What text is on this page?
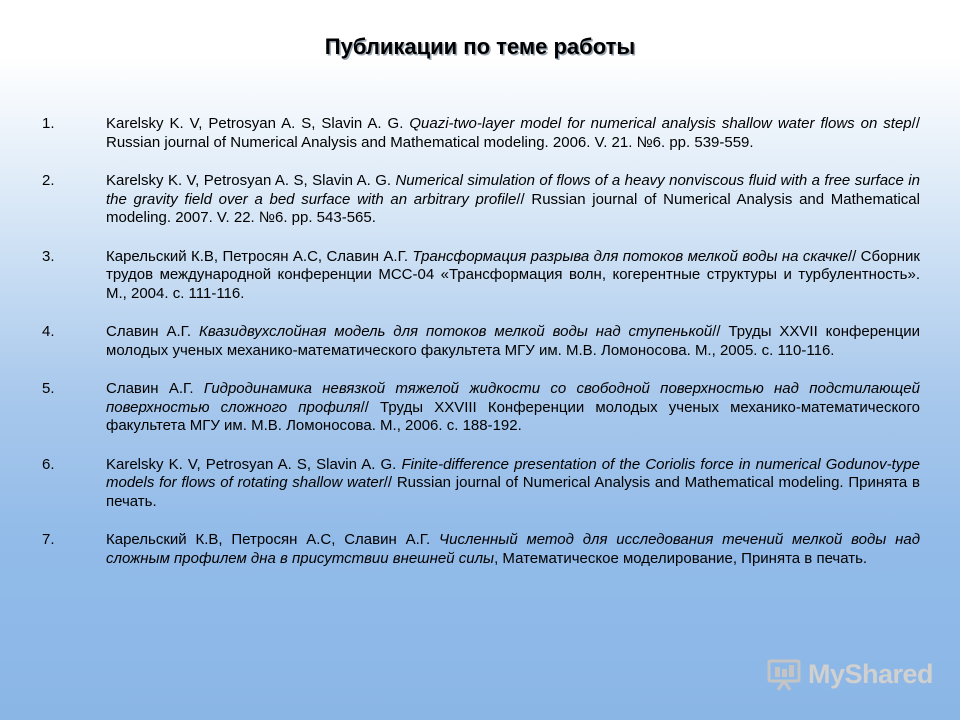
Публикации по теме работы
1.	Karelsky K. V, Petrosyan A. S, Slavin A. G. Quazi-two-layer model for numerical analysis shallow water flows on step// Russian journal of Numerical Analysis and Mathematical modeling. 2006. V. 21. №6. pp. 539-559.
2.	Karelsky K. V, Petrosyan A. S, Slavin A. G. Numerical simulation of flows of a heavy nonviscous fluid with a free surface in the gravity field over a bed surface with an arbitrary profile// Russian journal of Numerical Analysis and Mathematical modeling. 2007. V. 22. №6. pp. 543-565.
3.	Карельский К.В, Петросян А.С, Славин А.Г. Трансформация разрыва для потоков мелкой воды на скачке// Сборник трудов международной конференции МСС-04 «Трансформация волн, когерентные структуры и турбулентность». М., 2004. с. 111-116.
4.	Славин А.Г. Квазидвухслойная модель для потоков мелкой воды над ступенькой// Труды XXVII конференции молодых ученых механико-математического факультета МГУ им. М.В. Ломоносова. М., 2005. с. 110-116.
5.	Славин А.Г. Гидродинамика невязкой тяжелой жидкости со свободной поверхностью над подстилающей поверхностью сложного профиля// Труды XXVIII Конференции молодых ученых механико-математического факультета МГУ им. М.В. Ломоносова. М., 2006. с. 188-192.
6.	Karelsky K. V, Petrosyan A. S, Slavin A. G. Finite-difference presentation of the Coriolis force in numerical Godunov-type models for flows of rotating shallow water// Russian journal of Numerical Analysis and Mathematical modeling. Принята в печать.
7.	Карельский К.В, Петросян А.С, Славин А.Г. Численный метод для исследования течений мелкой воды над сложным профилем дна в присутствии внешней силы, Математическое моделирование, Принята в печать.
MyShared
